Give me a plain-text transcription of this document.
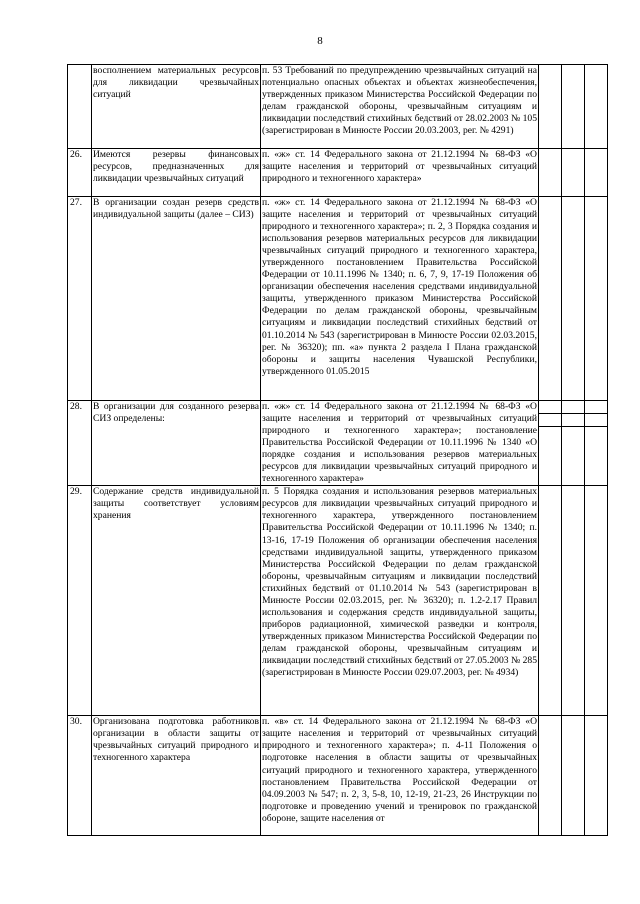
8
	восполнением материальных ресурсов для ликвидации чрезвычайных ситуаций	п. 53 Требований по предупреждению чрезвычайных ситуаций на потенциально опасных объектах и объектах жизнеобеспечения, утвержденных приказом Министерства Российской Федерации по делам гражданской обороны, чрезвычайным ситуациям и ликвидации последствий стихийных бедствий от 28.02.2003 № 105 (зарегистрирован в Минюсте России 20.03.2003, рег. № 4291)			
26.	Имеются резервы финансовых ресурсов, предназначенных для ликвидации чрезвычайных ситуаций	п. «ж» ст. 14 Федерального закона от 21.12.1994 № 68-ФЗ «О защите населения и территорий от чрезвычайных ситуаций природного и техногенного характера»			
27.	В организации создан резерв средств индивидуальной защиты (далее – СИЗ)	п. «ж» ст. 14 Федерального закона от 21.12.1994 № 68-ФЗ «О защите населения и территорий от чрезвычайных ситуаций природного и техногенного характера»; п. 2, 3 Порядка создания и использования резервов материальных ресурсов для ликвидации чрезвычайных ситуаций природного и техногенного характера, утвержденного постановлением Правительства Российской Федерации от 10.11.1996 № 1340; п. 6, 7, 9, 17-19 Положения об организации обеспечения населения средствами индивидуальной защиты, утвержденного приказом Министерства Российской Федерации по делам гражданской обороны, чрезвычайным ситуациям и ликвидации последствий стихийных бедствий от 01.10.2014 № 543 (зарегистрирован в Минюсте России 02.03.2015, рег. № 36320); пп. «а» пункта 2 раздела I Плана гражданской обороны и защиты населения Чувашской Республики, утвержденного 01.05.2015			
28.	В организации для созданного резерва СИЗ определены:	п. «ж» ст. 14 Федерального закона от 21.12.1994 № 68-ФЗ «О защите населения и территорий от чрезвычайных ситуаций природного и техногенного характера»; постановление Правительства Российской Федерации от 10.11.1996 № 1340 «О порядке создания и использования резервов материальных ресурсов для ликвидации чрезвычайных ситуаций природного и техногенного характера»	

29.	Содержание средств индивидуальной защиты соответствует условиям хранения	п. 5 Порядка создания и использования резервов материальных ресурсов для ликвидации чрезвычайных ситуаций природного и техногенного характера, утвержденного постановлением Правительства Российской Федерации от 10.11.1996 № 1340; п. 13-16, 17-19 Положения об организации обеспечения населения средствами индивидуальной защиты, утвержденного приказом Министерства Российской Федерации по делам гражданской обороны, чрезвычайным ситуациям и ликвидации последствий стихийных бедствий от 01.10.2014 № 543 (зарегистрирован в Минюсте России 02.03.2015, рег. № 36320); п. 1.2-2.17 Правил использования и содержания средств индивидуальной защиты, приборов радиационной, химической разведки и контроля, утвержденных приказом Министерства Российской Федерации по делам гражданской обороны, чрезвычайным ситуациям и ликвидации последствий стихийных бедствий от 27.05.2003 № 285 (зарегистрирован в Минюсте России 029.07.2003, рег. № 4934)			
30.	Организована подготовка работников организации в области защиты от чрезвычайных ситуаций природного и техногенного характера	п. «в» ст. 14 Федерального закона от 21.12.1994 № 68-ФЗ «О защите населения и территорий от чрезвычайных ситуаций природного и техногенного характера»; п. 4-11 Положения о подготовке населения в области защиты от чрезвычайных ситуаций природного и техногенного характера, утвержденного постановлением Правительства Российской Федерации от 04.09.2003 № 547; п. 2, 3, 5-8, 10, 12-19, 21-23, 26 Инструкции по подготовке и проведению учений и тренировок по гражданской обороне, защите населения от			
